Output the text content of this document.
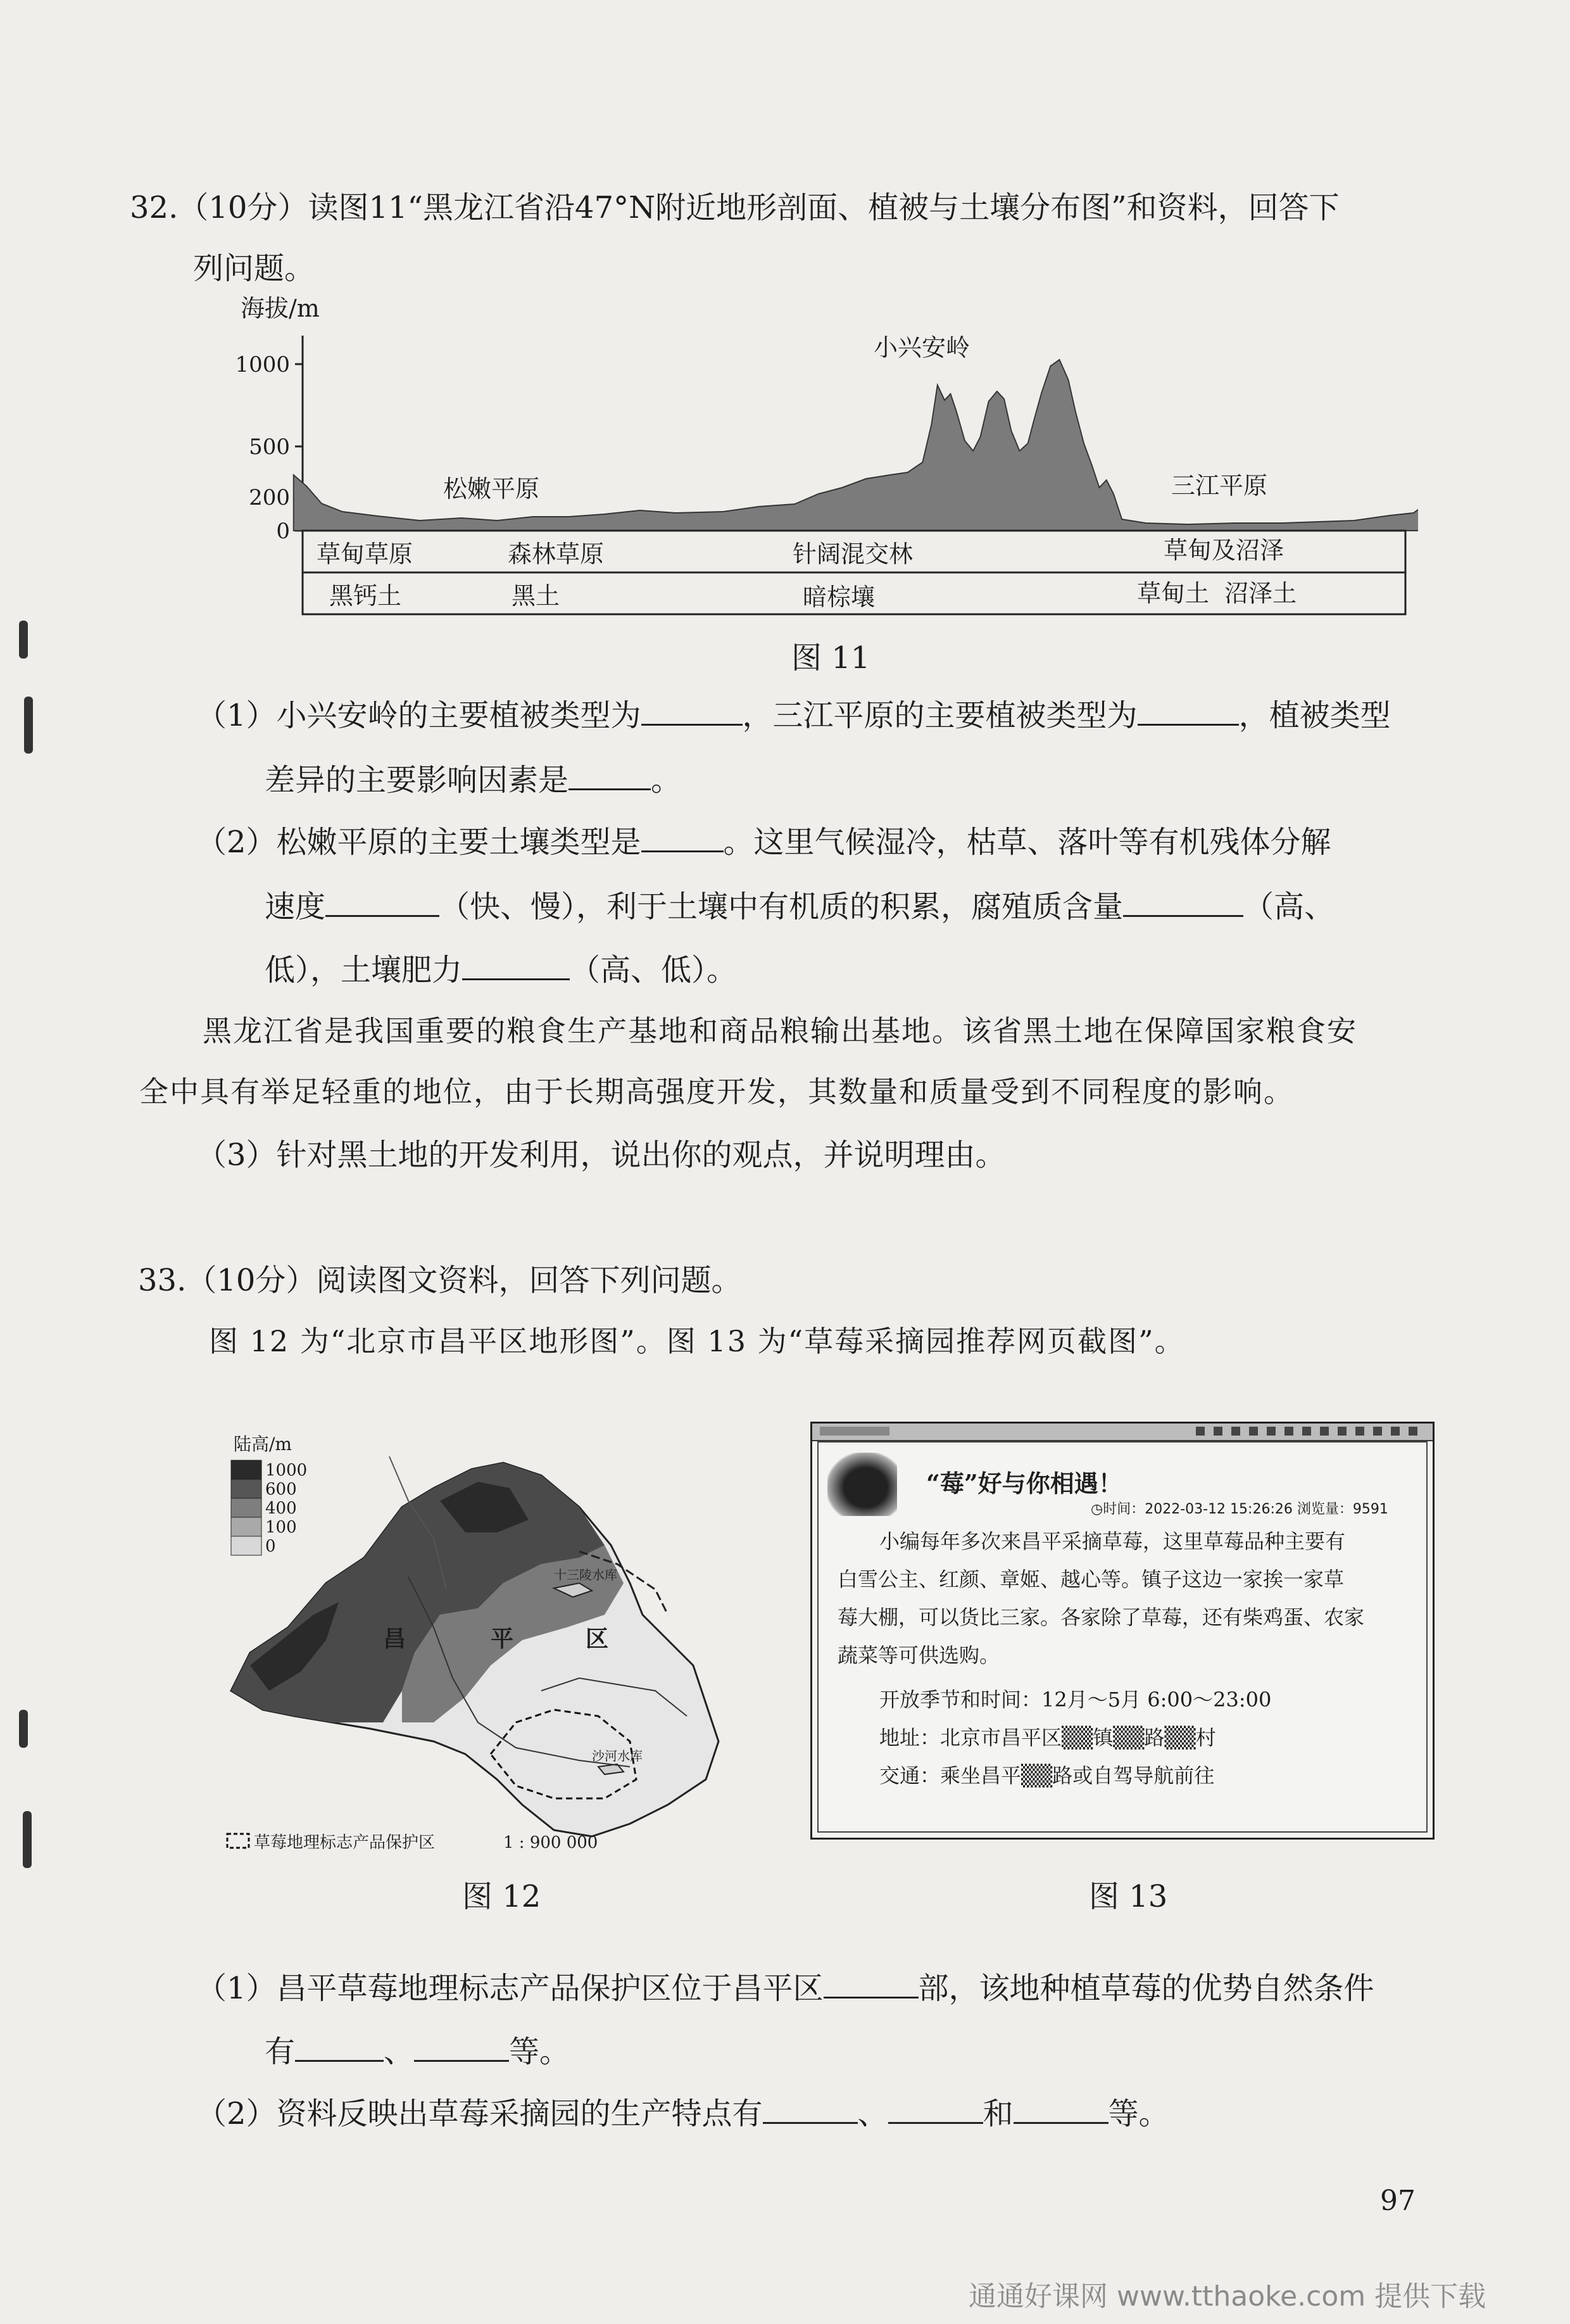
32.（10分）读图11“黑龙江省沿47°N附近地形剖面、植被与土壤分布图”和资料，回答下
列问题。
海拔/m
1000
500
200
0
小兴安岭
松嫩平原	三江平原
草甸草原	森林草原	针阔混交林	草甸及沼泽
黑钙土	黑土	暗棕壤	草甸土  沼泽土
图 11
（1）小兴安岭的主要植被类型为	，三江平原的主要植被类型为	，植被类型
差异的主要影响因素是	。
（2）松嫩平原的主要土壤类型是	。这里气候湿冷，枯草、落叶等有机残体分解
速度	（快、慢），利于土壤中有机质的积累，腐殖质含量	（高、
低），土壤肥力	（高、低）。
黑龙江省是我国重要的粮食生产基地和商品粮输出基地。该省黑土地在保障国家粮食安
全中具有举足轻重的地位，由于长期高强度开发，其数量和质量受到不同程度的影响。
（3）针对黑土地的开发利用，说出你的观点，并说明理由。
33.（10分）阅读图文资料，回答下列问题。
图 12 为“北京市昌平区地形图”。图 13 为“草莓采摘园推荐网页截图”。
陆高/m
1000
600
400
100
0
昌	平	区
十三陵水库
沙河水库
草莓地理标志产品保护区	1 : 900 000
图 12
“莓”好与你相遇！
◷时间：2022-03-12 15:26:26 浏览量：9591
小编每年多次来昌平采摘草莓，这里草莓品种主要有
白雪公主、红颜、章姬、越心等。镇子这边一家挨一家草
莓大棚，可以货比三家。各家除了草莓，还有柴鸡蛋、农家
蔬菜等可供选购。
开放季节和时间：12月～5月 6:00～23:00
地址：北京市昌平区▒▒镇▒▒路▒▒村
交通：乘坐昌平▒▒路或自驾导航前往
图 13
（1）昌平草莓地理标志产品保护区位于昌平区	部，该地种植草莓的优势自然条件
有	、	等。
（2）资料反映出草莓采摘园的生产特点有	、	和	等。
97
通通好课网 www.tthaoke.com 提供下载
